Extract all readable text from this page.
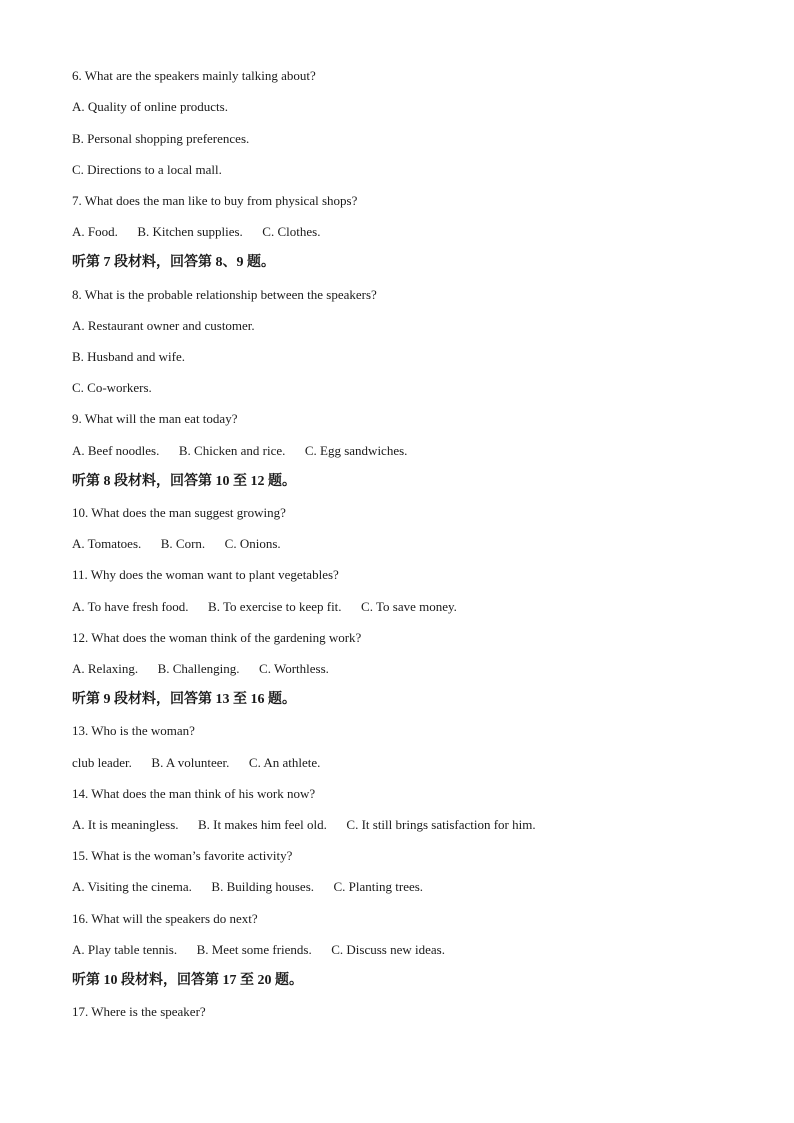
6. What are the speakers mainly talking about?
A. Quality of online products.
B. Personal shopping preferences.
C. Directions to a local mall.
7. What does the man like to buy from physical shops?
A. Food.      B. Kitchen supplies.      C. Clothes.
听第 7 段材料，回答第 8、9 题。
8. What is the probable relationship between the speakers?
A. Restaurant owner and customer.
B. Husband and wife.
C. Co-workers.
9. What will the man eat today?
A. Beef noodles.      B. Chicken and rice.      C. Egg sandwiches.
听第 8 段材料，回答第 10 至 12 题。
10. What does the man suggest growing?
A. Tomatoes.      B. Corn.      C. Onions.
11. Why does the woman want to plant vegetables?
A. To have fresh food.      B. To exercise to keep fit.      C. To save money.
12. What does the woman think of the gardening work?
A. Relaxing.      B. Challenging.      C. Worthless.
听第 9 段材料，回答第 13 至 16 题。
13. Who is the woman?
club leader.      B. A volunteer.      C. An athlete.
14. What does the man think of his work now?
A. It is meaningless.      B. It makes him feel old.      C. It still brings satisfaction for him.
15. What is the woman’s favorite activity?
A. Visiting the cinema.      B. Building houses.      C. Planting trees.
16. What will the speakers do next?
A. Play table tennis.      B. Meet some friends.      C. Discuss new ideas.
听第 10 段材料，回答第 17 至 20 题。
17. Where is the speaker?
